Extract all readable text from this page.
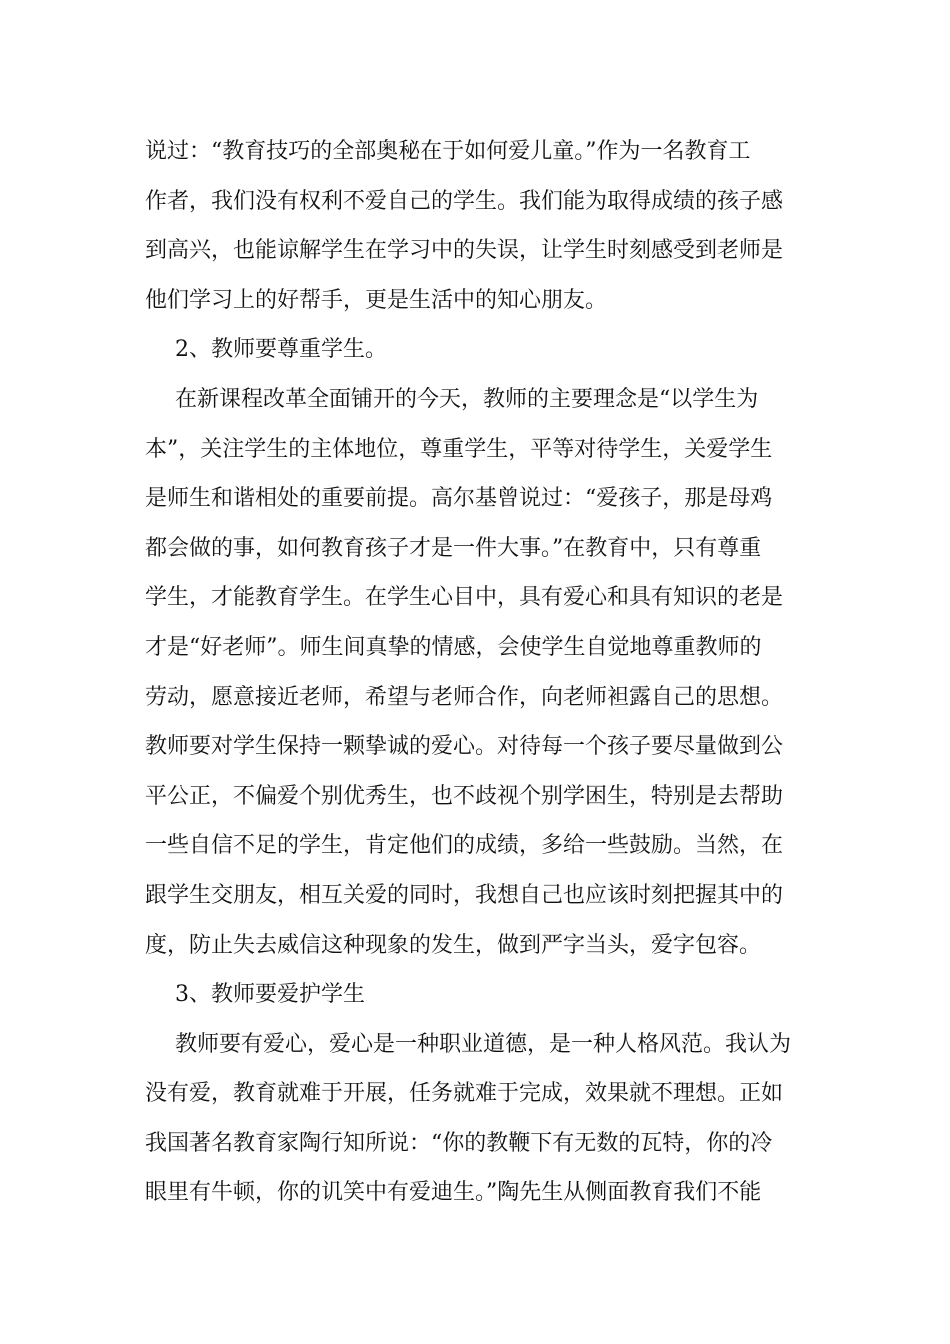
说过：“教育技巧的全部奥秘在于如何爱儿童。”作为一名教育工
作者，我们没有权利不爱自己的学生。我们能为取得成绩的孩子感
到高兴，也能谅解学生在学习中的失误，让学生时刻感受到老师是
他们学习上的好帮手，更是生活中的知心朋友。
2、教师要尊重学生。
在新课程改革全面铺开的今天，教师的主要理念是“以学生为
本”，关注学生的主体地位，尊重学生，平等对待学生，关爱学生
是师生和谐相处的重要前提。高尔基曾说过：“爱孩子，那是母鸡
都会做的事，如何教育孩子才是一件大事。”在教育中，只有尊重
学生，才能教育学生。在学生心目中，具有爱心和具有知识的老是
才是“好老师”。师生间真挚的情感，会使学生自觉地尊重教师的
劳动，愿意接近老师，希望与老师合作，向老师袒露自己的思想。
教师要对学生保持一颗挚诚的爱心。对待每一个孩子要尽量做到公
平公正，不偏爱个别优秀生，也不歧视个别学困生，特别是去帮助
一些自信不足的学生，肯定他们的成绩，多给一些鼓励。当然，在
跟学生交朋友，相互关爱的同时，我想自己也应该时刻把握其中的
度，防止失去威信这种现象的发生，做到严字当头，爱字包容。
3、教师要爱护学生
教师要有爱心，爱心是一种职业道德，是一种人格风范。我认为
没有爱，教育就难于开展，任务就难于完成，效果就不理想。正如
我国著名教育家陶行知所说：“你的教鞭下有无数的瓦特，你的冷
眼里有牛顿，你的讥笑中有爱迪生。”陶先生从侧面教育我们不能
